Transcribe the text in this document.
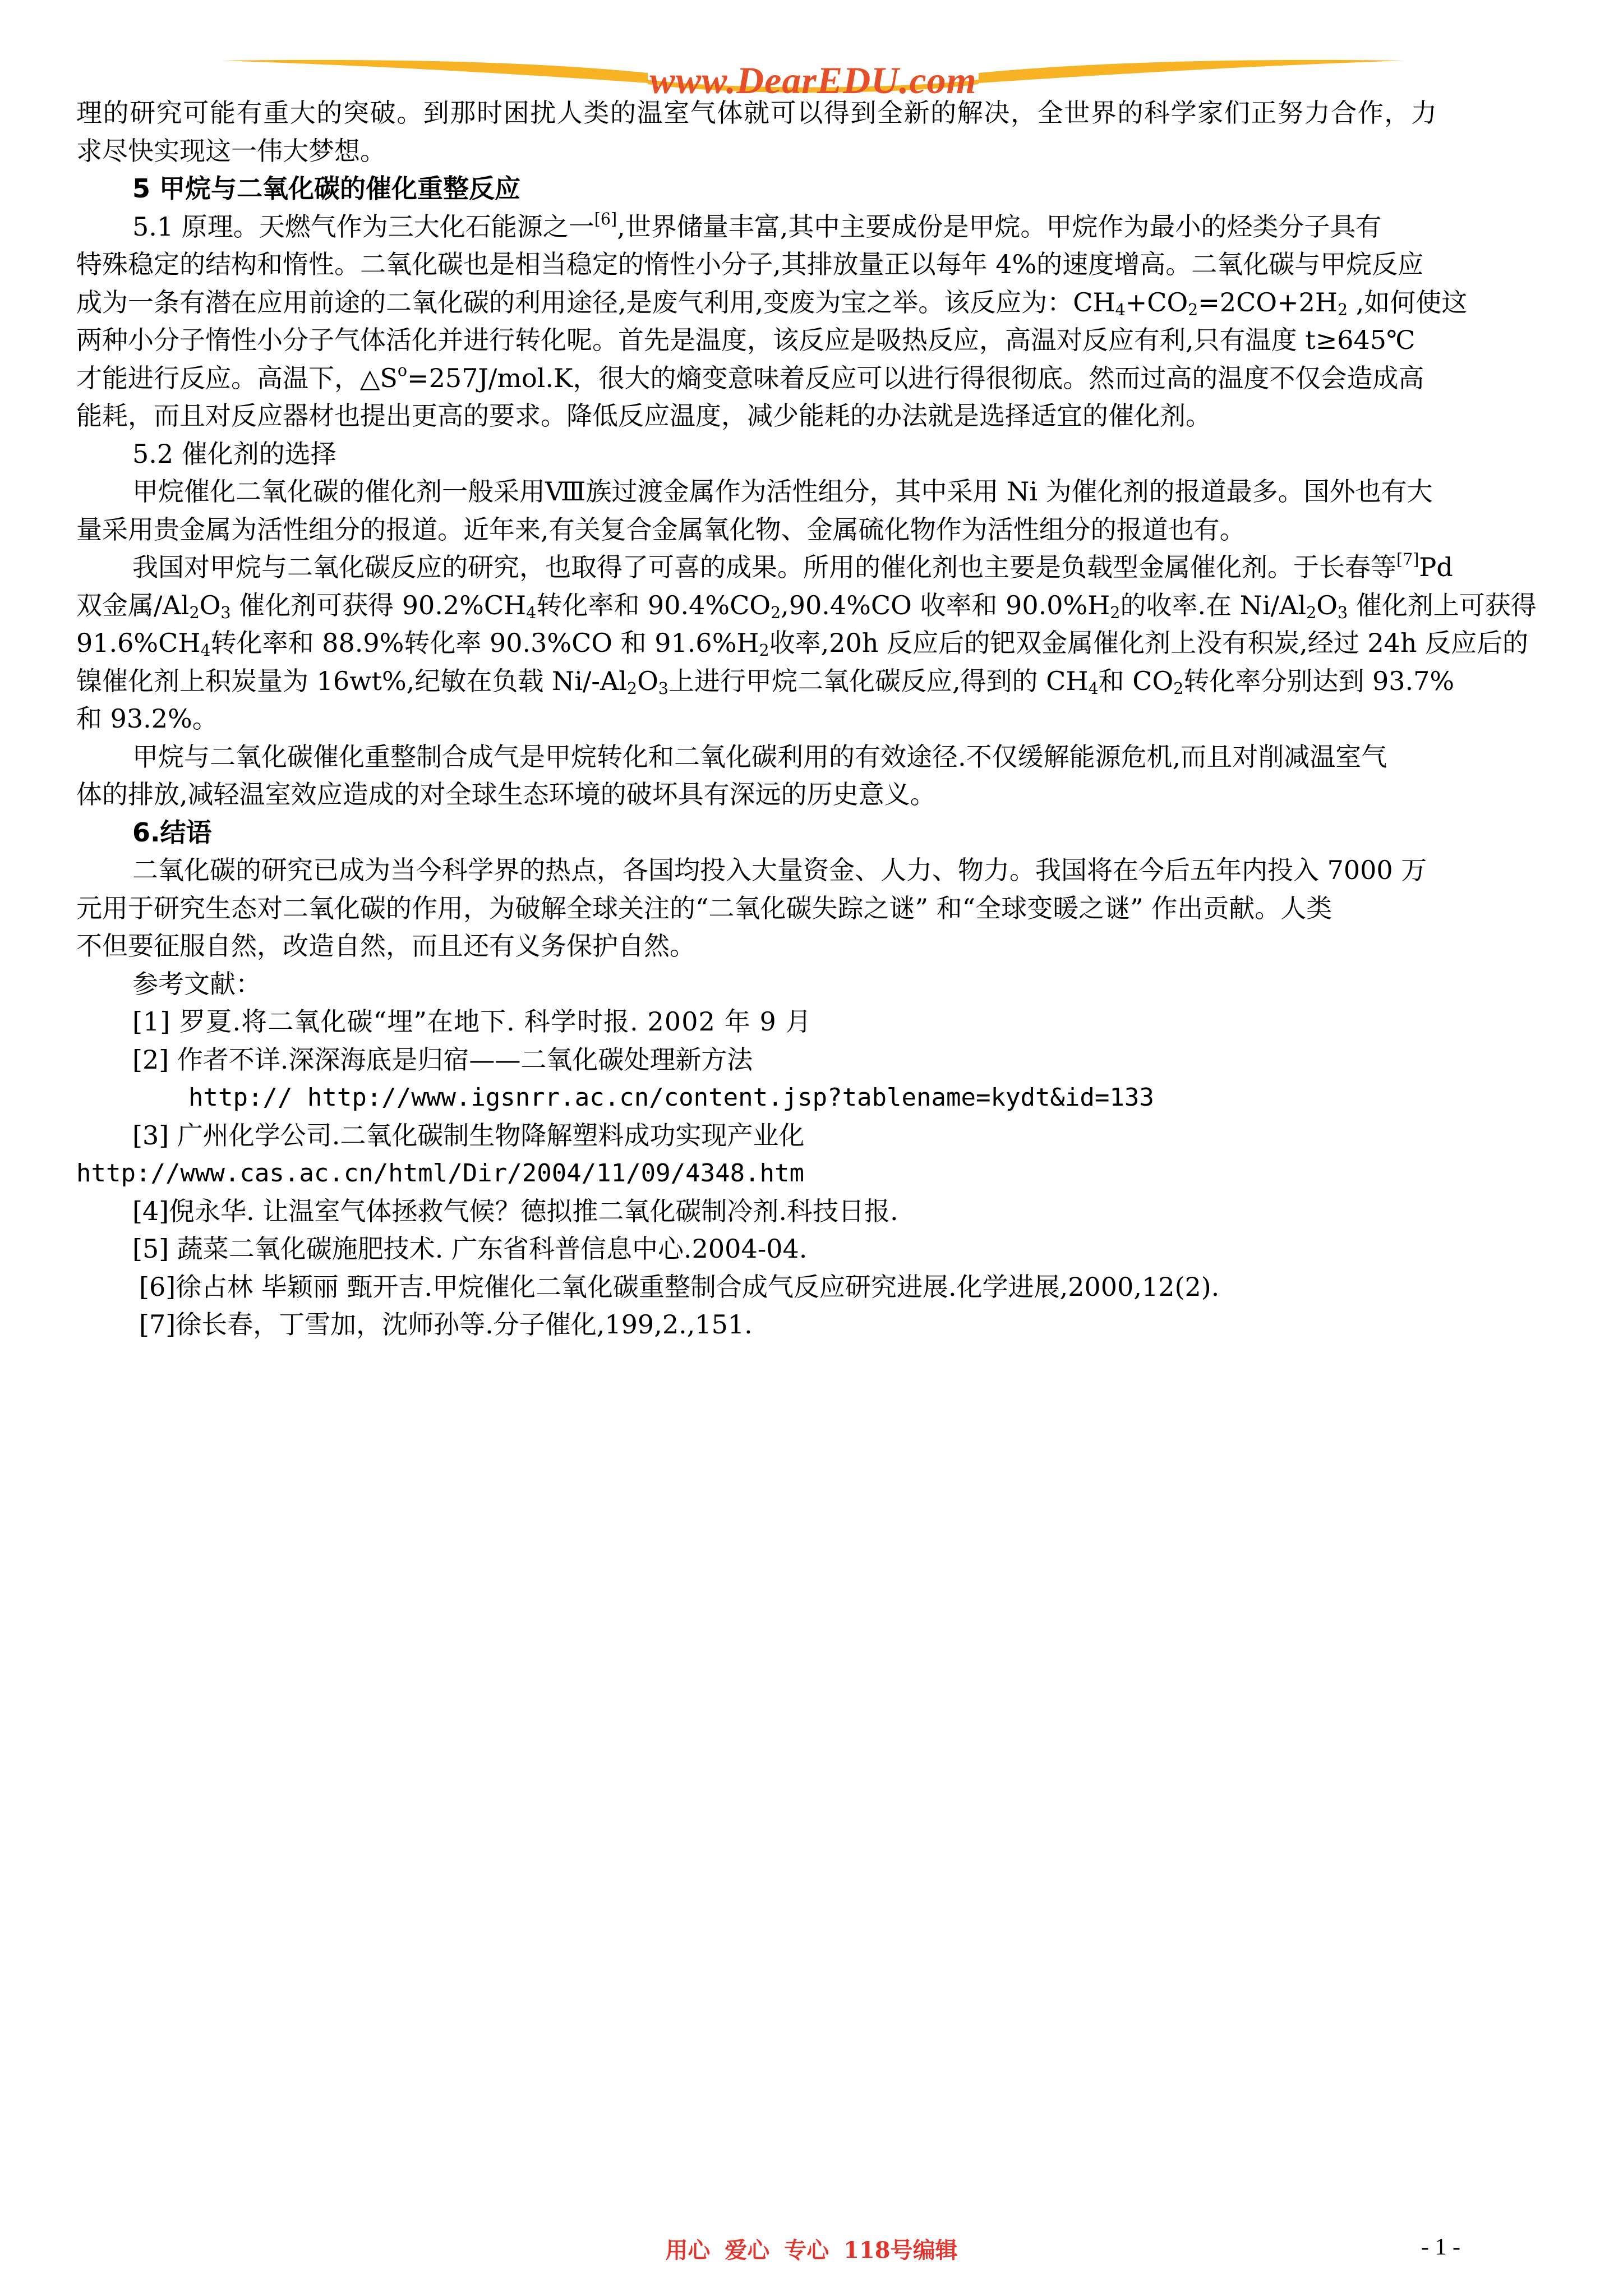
www.DearEDU.com
理的研究可能有重大的突破。到那时困扰人类的温室气体就可以得到全新的解决，全世界的科学家们正努力合作，力
求尽快实现这一伟大梦想。
5 甲烷与二氧化碳的催化重整反应
5.1 原理。天燃气作为三大化石能源之一[6],世界储量丰富,其中主要成份是甲烷。甲烷作为最小的烃类分子具有
特殊稳定的结构和惰性。二氧化碳也是相当稳定的惰性小分子,其排放量正以每年 4%的速度增高。二氧化碳与甲烷反应
成为一条有潜在应用前途的二氧化碳的利用途径,是废气利用,变废为宝之举。该反应为：$CH_4+CO_2=2CO+2H_2$ ,如何使这
两种小分子惰性小分子气体活化并进行转化呢。首先是温度，该反应是吸热反应，高温对反应有利,只有温度 t≥645℃
才能进行反应。高温下，$\triangle S^o=257J/mol.K$，很大的熵变意味着反应可以进行得很彻底。然而过高的温度不仅会造成高
能耗，而且对反应器材也提出更高的要求。降低反应温度，减少能耗的办法就是选择适宜的催化剂。
5.2 催化剂的选择
甲烷催化二氧化碳的催化剂一般采用Ⅷ族过渡金属作为活性组分，其中采用 Ni 为催化剂的报道最多。国外也有大
量采用贵金属为活性组分的报道。近年来,有关复合金属氧化物、金属硫化物作为活性组分的报道也有。
我国对甲烷与二氧化碳反应的研究，也取得了可喜的成果。所用的催化剂也主要是负载型金属催化剂。于长春等[7]Pd
双金属$/Al_2O_3$ 催化剂可获得 $90.2\%CH_4$转化率和 $90.4\%CO_2,90.4\%CO$ 收率和 $90.0\%H_2$的收率.在 $Ni/Al_2O_3$ 催化剂上可获得
$91.6\%CH_4$转化率和 88.9%转化率 90.3%CO 和 $91.6\%H_2$收率,20h 反应后的钯双金属催化剂上没有积炭,经过 24h 反应后的
镍催化剂上积炭量为 16wt%,纪敏在负载 $Ni/-Al_2O_3$上进行甲烷二氧化碳反应,得到的 $CH_4$和 $CO_2$转化率分别达到 93.7%
和 93.2%。
甲烷与二氧化碳催化重整制合成气是甲烷转化和二氧化碳利用的有效途径.不仅缓解能源危机,而且对削减温室气
体的排放,减轻温室效应造成的对全球生态环境的破坏具有深远的历史意义。
6.结语
二氧化碳的研究已成为当今科学界的热点，各国均投入大量资金、人力、物力。我国将在今后五年内投入 7000 万
元用于研究生态对二氧化碳的作用，为破解全球关注的“二氧化碳失踪之谜” 和“全球变暖之谜” 作出贡献。人类
不但要征服自然，改造自然，而且还有义务保护自然。
参考文献：
[1] 罗夏.将二氧化碳“埋”在地下. 科学时报. 2002 年 9 月
[2] 作者不详.深深海底是归宿——二氧化碳处理新方法
http:// http://www.igsnrr.ac.cn/content.jsp?tablename=kydt&id=133
[3] 广州化学公司.二氧化碳制生物降解塑料成功实现产业化
http://www.cas.ac.cn/html/Dir/2004/11/09/4348.htm
[4]倪永华. 让温室气体拯救气候？德拟推二氧化碳制冷剂.科技日报.
[5] 蔬菜二氧化碳施肥技术. 广东省科普信息中心.2004-04.
[6]徐占林 毕颖丽 甄开吉.甲烷催化二氧化碳重整制合成气反应研究进展.化学进展,2000,12(2).
[7]徐长春，丁雪加，沈师孙等.分子催化,199,2.,151.
用心 爱心 专心 118号编辑	- 1 -
